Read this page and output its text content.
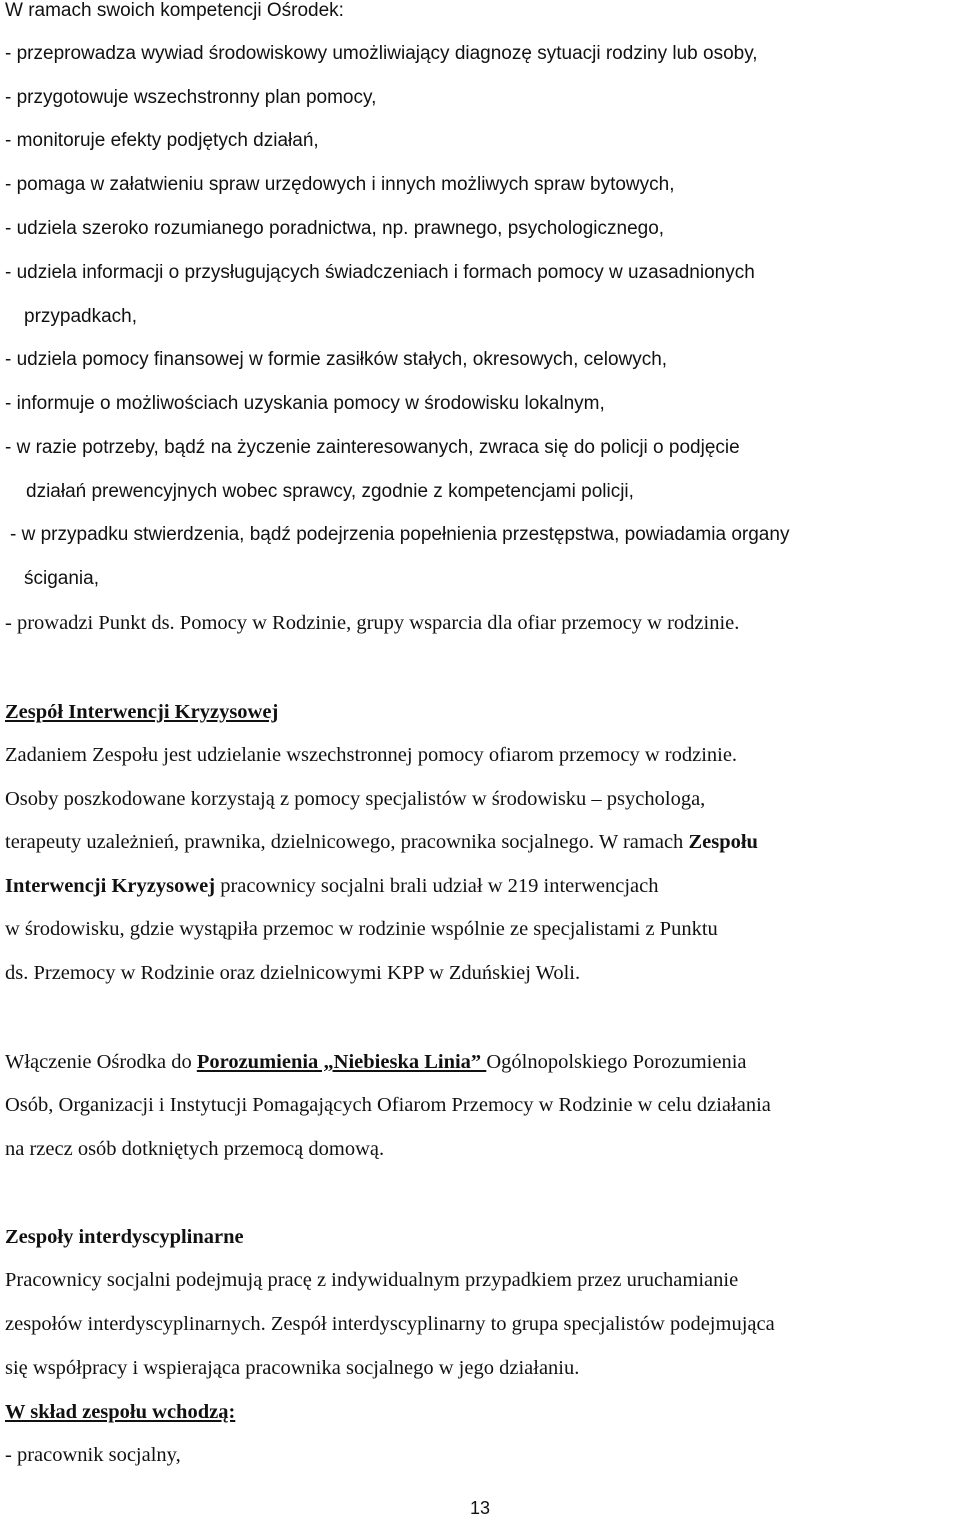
W ramach swoich kompetencji Ośrodek:

- przeprowadza wywiad środowiskowy umożliwiający diagnozę sytuacji rodziny lub osoby,

- przygotowuje wszechstronny plan pomocy,

- monitoruje efekty podjętych działań,

- pomaga w załatwieniu spraw urzędowych i innych możliwych spraw bytowych,

- udziela szeroko rozumianego poradnictwa, np. prawnego, psychologicznego,

- udziela informacji o przysługujących świadczeniach i formach pomocy w uzasadnionych

przypadkach,

- udziela pomocy finansowej w formie zasiłków stałych, okresowych, celowych,

- informuje o możliwościach uzyskania pomocy w środowisku lokalnym,

- w razie potrzeby, bądź na życzenie zainteresowanych, zwraca się do policji o podjęcie

działań prewencyjnych wobec sprawcy, zgodnie z kompetencjami policji,

- w przypadku stwierdzenia, bądź podejrzenia popełnienia przestępstwa, powiadamia organy

ścigania,

- prowadzi Punkt ds. Pomocy w Rodzinie, grupy wsparcia dla ofiar przemocy w rodzinie.

Zespół Interwencji Kryzysowej

Zadaniem Zespołu jest udzielanie wszechstronnej pomocy ofiarom przemocy w rodzinie.

Osoby poszkodowane korzystają z pomocy specjalistów w środowisku – psychologa,

terapeuty uzależnień, prawnika, dzielnicowego, pracownika socjalnego. W ramach Zespołu

Interwencji Kryzysowej pracownicy socjalni brali udział w 219 interwencjach

w środowisku, gdzie wystąpiła przemoc w rodzinie wspólnie ze specjalistami z Punktu

ds. Przemocy w Rodzinie oraz dzielnicowymi KPP w Zduńskiej Woli.

Włączenie Ośrodka do Porozumienia „Niebieska Linia” Ogólnopolskiego Porozumienia

Osób, Organizacji i Instytucji Pomagających Ofiarom Przemocy w Rodzinie w celu działania

na rzecz osób dotkniętych przemocą domową.

Zespoły interdyscyplinarne

Pracownicy socjalni podejmują pracę z indywidualnym przypadkiem przez uruchamianie

zespołów interdyscyplinarnych. Zespół interdyscyplinarny to grupa specjalistów podejmująca

się współpracy i wspierająca pracownika socjalnego w jego działaniu.

W skład zespołu wchodzą:

- pracownik socjalny,

13
